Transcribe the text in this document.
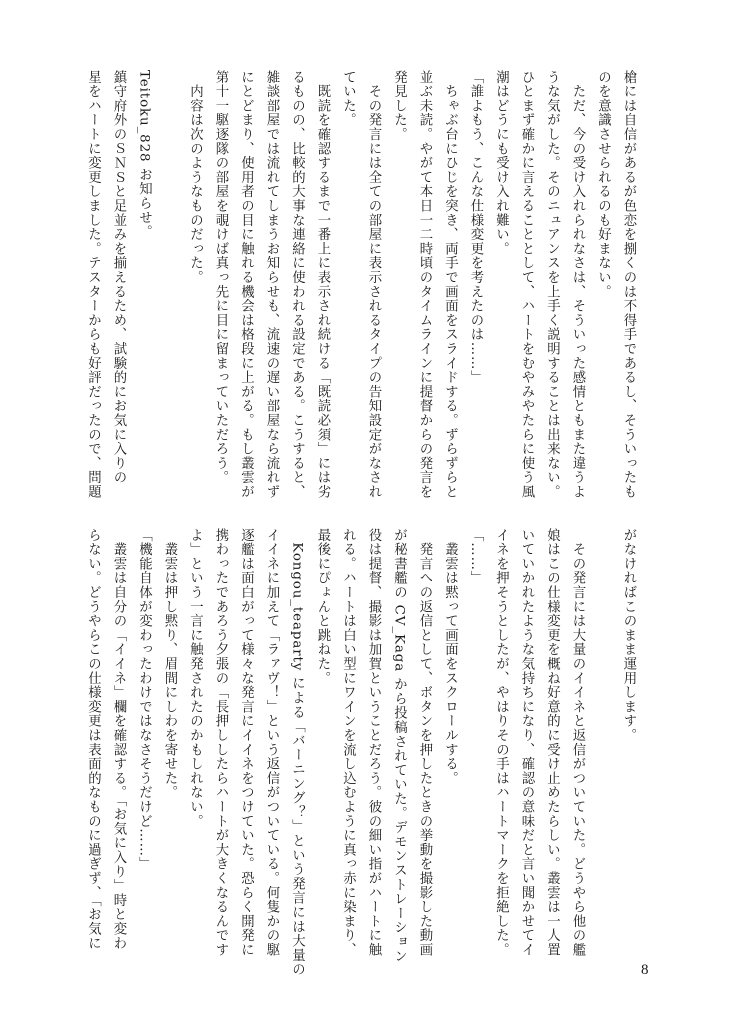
槍には自信があるが色恋を捌くのは不得手であるし、そういったも
のを意識させられるのも好まない。
　ただ、今の受け入れられなさは、そういった感情ともまた違うよ
うな気がした。そのニュアンスを上手く説明することは出来ない。
ひとまず確かに言えることとして、ハートをむやみやたらに使う風
潮はどうにも受け入れ難い。
「誰よもう、こんな仕様変更を考えたのは……」
　ちゃぶ台にひじを突き、両手で画面をスライドする。ずらずらと
並ぶ未読。やがて本日一二時頃のタイムラインに提督からの発言を
発見した。
　その発言には全ての部屋に表示されるタイプの告知設定がなされ
ていた。
　既読を確認するまで一番上に表示され続ける「既読必須」には劣
るものの、比較的大事な連絡に使われる設定である。こうすると、
雑談部屋では流れてしまうお知らせも、流速の遅い部屋なら流れず
にとどまり、使用者の目に触れる機会は格段に上がる。もし叢雲が
第十一駆逐隊の部屋を覗けば真っ先に目に留まっていただろう。
　内容は次のようなものだった。
Teitoku_828 お知らせ。
鎮守府外のＳＮＳと足並みを揃えるため、試験的にお気に入りの
星をハートに変更しました。テスターからも好評だったので、問題
がなければこのまま運用します。
　その発言には大量のイイネと返信がついていた。どうやら他の艦
娘はこの仕様変更を概ね好意的に受け止めたらしい。叢雲は一人置
いていかれたような気持ちになり、確認の意味だと言い聞かせてイ
イネを押そうとしたが、やはりその手はハートマークを拒絶した。
「……」
　叢雲は黙って画面をスクロールする。
　発言への返信として、ボタンを押したときの挙動を撮影した動画
が秘書艦の CV_Kaga から投稿されていた。デモンストレーション
役は提督、撮影は加賀ということだろう。彼の細い指がハートに触
れる。ハートは白い型にワインを流し込むように真っ赤に染まり、
最後にぴょんと跳ねた。
　Kongou_teaparty による「バーニング？」という発言には大量の
イイネに加えて「ラァヴ！」という返信がついている。何隻かの駆
逐艦は面白がって様々な発言にイイネをつけていた。恐らく開発に
携わったであろう夕張の「長押ししたらハートが大きくなるんです
よ」という一言に触発されたのかもしれない。
　叢雲は押し黙り、眉間にしわを寄せた。
「機能自体が変わったわけではなさそうだけど……」
　叢雲は自分の「イイネ」欄を確認する。「お気に入り」時と変わ
らない。どうやらこの仕様変更は表面的なものに過ぎず、「お気に
8
